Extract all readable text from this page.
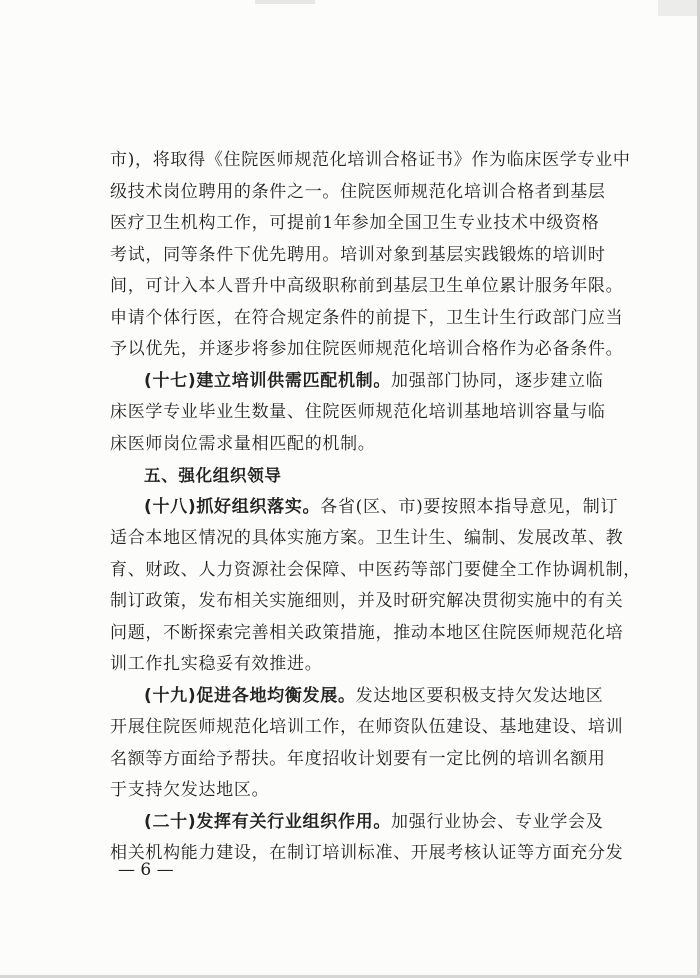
市)，将取得《住院医师规范化培训合格证书》作为临床医学专业中
级技术岗位聘用的条件之一。住院医师规范化培训合格者到基层
医疗卫生机构工作，可提前1年参加全国卫生专业技术中级资格
考试，同等条件下优先聘用。培训对象到基层实践锻炼的培训时
间，可计入本人晋升中高级职称前到基层卫生单位累计服务年限。
申请个体行医，在符合规定条件的前提下，卫生计生行政部门应当
予以优先，并逐步将参加住院医师规范化培训合格作为必备条件。
(十七)建立培训供需匹配机制。加强部门协同，逐步建立临
床医学专业毕业生数量、住院医师规范化培训基地培训容量与临
床医师岗位需求量相匹配的机制。
五、强化组织领导
(十八)抓好组织落实。各省(区、市)要按照本指导意见，制订
适合本地区情况的具体实施方案。卫生计生、编制、发展改革、教
育、财政、人力资源社会保障、中医药等部门要健全工作协调机制，
制订政策，发布相关实施细则，并及时研究解决贯彻实施中的有关
问题，不断探索完善相关政策措施，推动本地区住院医师规范化培
训工作扎实稳妥有效推进。
(十九)促进各地均衡发展。发达地区要积极支持欠发达地区
开展住院医师规范化培训工作，在师资队伍建设、基地建设、培训
名额等方面给予帮扶。年度招收计划要有一定比例的培训名额用
于支持欠发达地区。
(二十)发挥有关行业组织作用。加强行业协会、专业学会及
相关机构能力建设，在制订培训标准、开展考核认证等方面充分发
— 6 —
